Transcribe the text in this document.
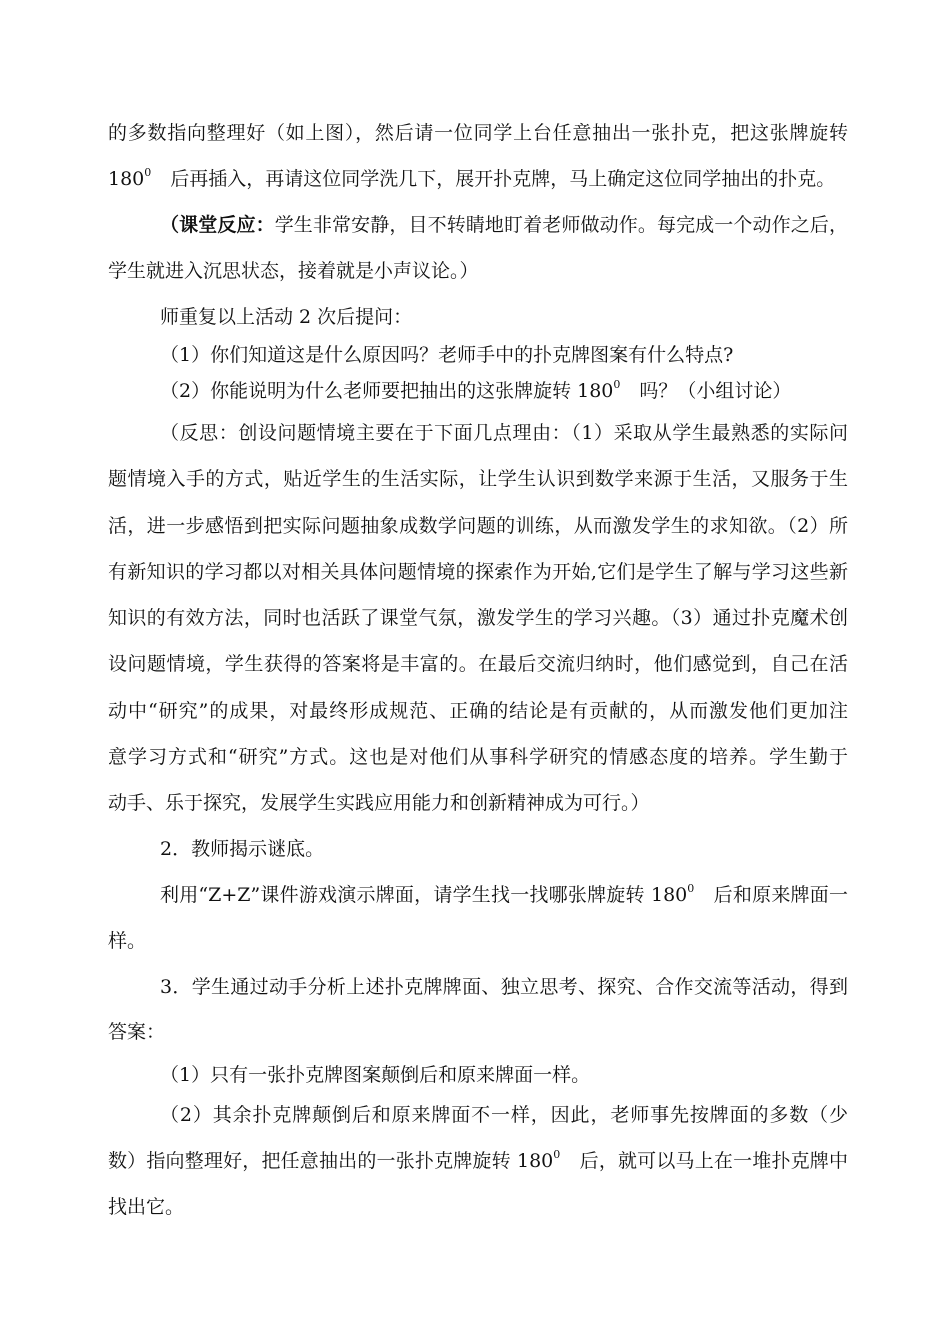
的多数指向整理好（如上图），然后请一位同学上台任意抽出一张扑克，把这张牌旋转
$180^0$　后再插入，再请这位同学洗几下，展开扑克牌，马上确定这位同学抽出的扑克。
（课堂反应：学生非常安静，目不转睛地盯着老师做动作。每完成一个动作之后，
学生就进入沉思状态，接着就是小声议论。）
师重复以上活动 2 次后提问：
（1）你们知道这是什么原因吗？老师手中的扑克牌图案有什么特点?
（2）你能说明为什么老师要把抽出的这张牌旋转 $180^0$　吗？（小组讨论）
（反思：创设问题情境主要在于下面几点理由：（1）采取从学生最熟悉的实际问
题情境入手的方式，贴近学生的生活实际，让学生认识到数学来源于生活，又服务于生
活，进一步感悟到把实际问题抽象成数学问题的训练，从而激发学生的求知欲。（2）所
有新知识的学习都以对相关具体问题情境的探索作为开始,它们是学生了解与学习这些新
知识的有效方法，同时也活跃了课堂气氛，激发学生的学习兴趣。（3）通过扑克魔术创
设问题情境，学生获得的答案将是丰富的。在最后交流归纳时，他们感觉到，自己在活
动中“研究”的成果，对最终形成规范、正确的结论是有贡献的，从而激发他们更加注
意学习方式和“研究”方式。这也是对他们从事科学研究的情感态度的培养。学生勤于
动手、乐于探究，发展学生实践应用能力和创新精神成为可行。）
2．教师揭示谜底。
利用“Z+Z”课件游戏演示牌面，请学生找一找哪张牌旋转 $180^0$　后和原来牌面一
样。
3．学生通过动手分析上述扑克牌牌面、独立思考、探究、合作交流等活动，得到
答案：
（1）只有一张扑克牌图案颠倒后和原来牌面一样。
（2）其余扑克牌颠倒后和原来牌面不一样，因此，老师事先按牌面的多数（少
数）指向整理好，把任意抽出的一张扑克牌旋转 $180^0$　后，就可以马上在一堆扑克牌中
找出它。
